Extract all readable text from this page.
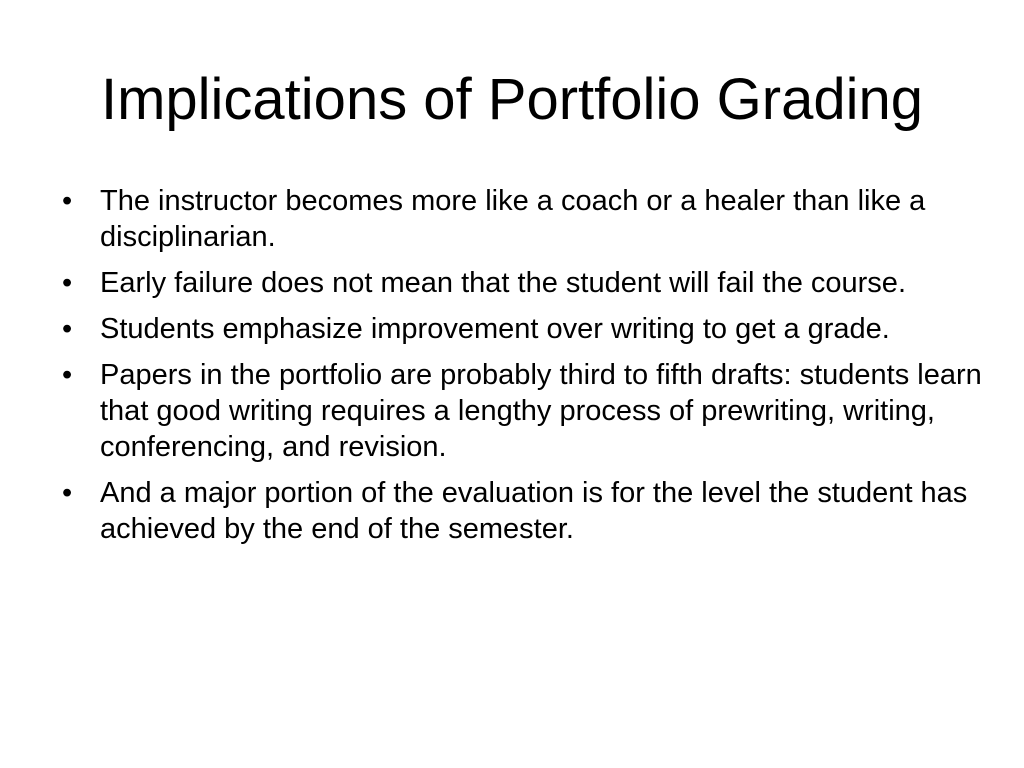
Implications of Portfolio Grading
• The instructor becomes more like a coach or a healer than like a disciplinarian.
• Early failure does not mean that the student will fail the course.
• Students emphasize improvement over writing to get a grade.
• Papers in the portfolio are probably third to fifth drafts: students learn that good writing requires a lengthy process of prewriting, writing, conferencing, and revision.
• And a major portion of the evaluation is for the level the student has achieved by the end of the semester.
